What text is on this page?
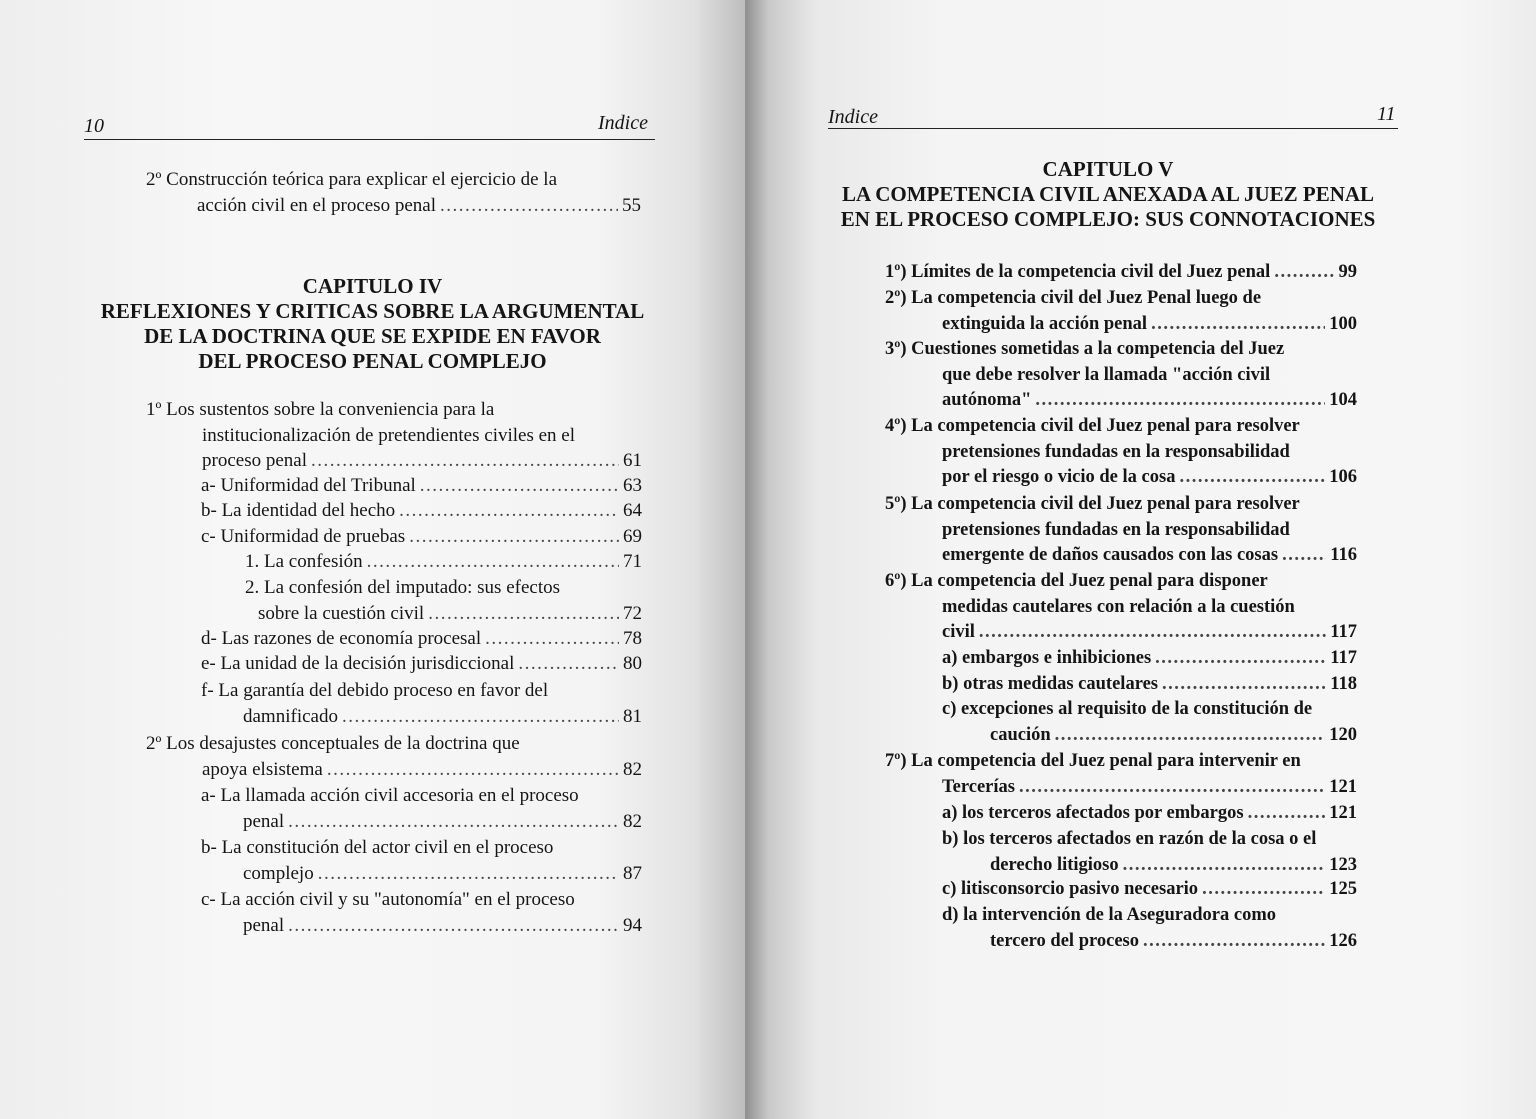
10	Indice
2º Construcción teórica para explicar el ejercicio de la
acción civil en el proceso penal .....	55
CAPITULO IV
REFLEXIONES Y CRITICAS SOBRE LA ARGUMENTAL
DE LA DOCTRINA QUE SE EXPIDE EN FAVOR
DEL PROCESO PENAL COMPLEJO
1º Los sustentos sobre la conveniencia para la
institucionalización de pretendientes civiles en el
proceso penal .....	61
a- Uniformidad del Tribunal .....	63
b- La identidad del hecho .....	64
c- Uniformidad de pruebas .....	69
1. La confesión .....	71
2. La confesión del imputado: sus efectos
sobre la cuestión civil .....	72
d- Las razones de economía procesal .....	78
e- La unidad de la decisión jurisdiccional .....	80
f- La garantía del debido proceso en favor del
damnificado .....	81
2º Los desajustes conceptuales de la doctrina que
apoya elsistema .....	82
a- La llamada acción civil accesoria en el proceso
penal .....	82
b- La constitución del actor civil en el proceso
complejo .....	87
c- La acción civil y su "autonomía" en el proceso
penal .....	94
Indice	11
CAPITULO V
LA COMPETENCIA CIVIL ANEXADA AL JUEZ PENAL
EN EL PROCESO COMPLEJO: SUS CONNOTACIONES
1º) Límites de la competencia civil del Juez penal .....	99
2º) La competencia civil del Juez Penal luego de
extinguida la acción penal .....	100
3º) Cuestiones sometidas a la competencia del Juez
que debe resolver la llamada "acción civil
autónoma" .....	104
4º) La competencia civil del Juez penal para resolver
pretensiones fundadas en la responsabilidad
por el riesgo o vicio de la cosa .....	106
5º) La competencia civil del Juez penal para resolver
pretensiones fundadas en la responsabilidad
emergente de daños causados con las cosas .....	116
6º) La competencia del Juez penal para disponer
medidas cautelares con relación a la cuestión
civil .....	117
a) embargos e inhibiciones .....	117
b) otras medidas cautelares .....	118
c) excepciones al requisito de la constitución de
caución .....	120
7º) La competencia del Juez penal para intervenir en
Tercerías .....	121
a) los terceros afectados por embargos .....	121
b) los terceros afectados en razón de la cosa o el
derecho litigioso .....	123
c) litisconsorcio pasivo necesario .....	125
d) la intervención de la Aseguradora como
tercero del proceso .....	126
